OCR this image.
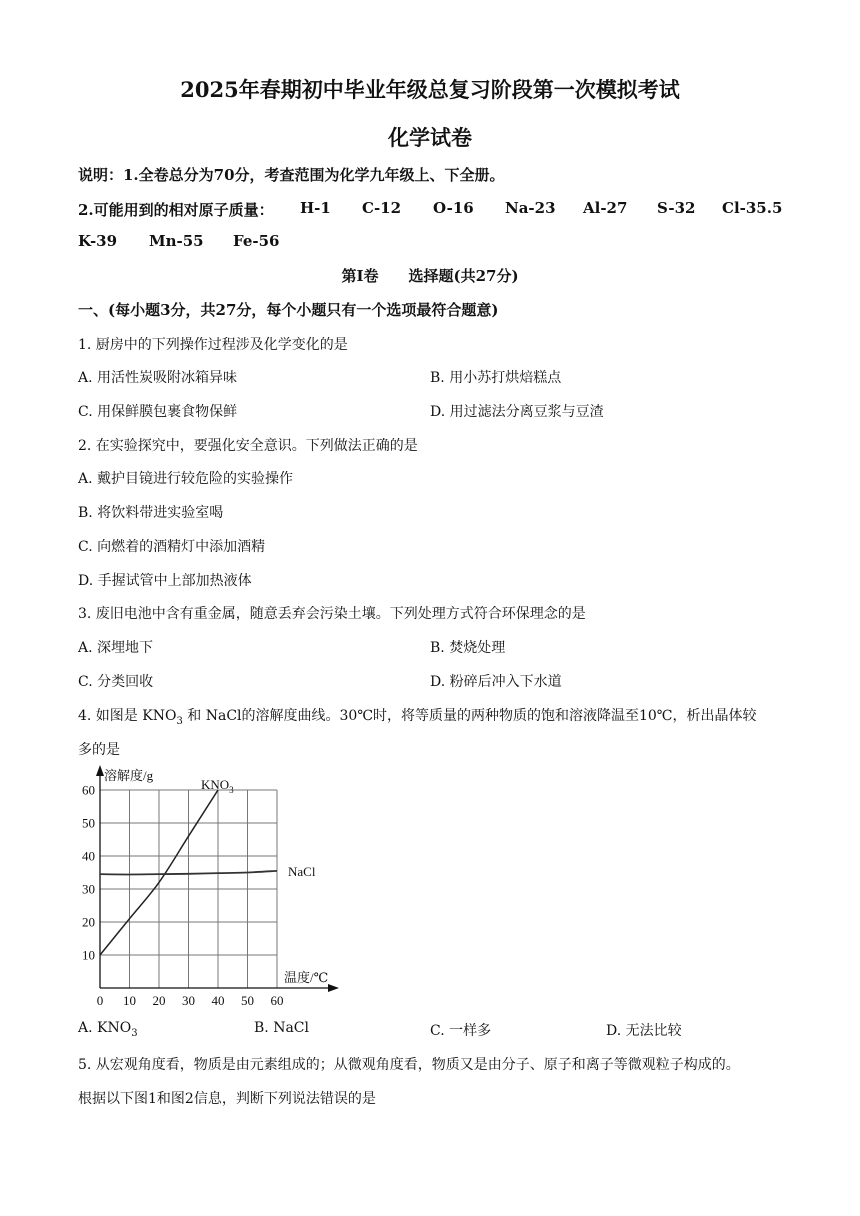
2025年春期初中毕业年级总复习阶段第一次模拟考试
化学试卷
说明：1.全卷总分为70分，考查范围为化学九年级上、下全册。
2.可能用到的相对原子质量： H-1 C-12 O-16 Na-23 Al-27 S-32 Cl-35.5
K-39 Mn-55 Fe-56
第Ⅰ卷　　选择题(共27分)
一、(每小题3分，共27分，每个小题只有一个选项最符合题意)
1. 厨房中的下列操作过程涉及化学变化的是
A. 用活性炭吸附冰箱异味	B. 用小苏打烘焙糕点
C. 用保鲜膜包裹食物保鲜	D. 用过滤法分离豆浆与豆渣
2. 在实验探究中，要强化安全意识。下列做法正确的是
A. 戴护目镜进行较危险的实验操作
B. 将饮料带进实验室喝
C. 向燃着的酒精灯中添加酒精
D. 手握试管中上部加热液体
3. 废旧电池中含有重金属，随意丢弃会污染土壤。下列处理方式符合环保理念的是
A. 深埋地下	B. 焚烧处理
C. 分类回收	D. 粉碎后冲入下水道
4. 如图是 $KNO_3$ 和 NaCl的溶解度曲线。30℃时，将等质量的两种物质的饱和溶液降温至10℃，析出晶体较
多的是
0 10 20 30 40 50 60
10
20
30
40
50
60
溶解度/g
温度/℃
$KNO_3$
NaCl
A. $KNO_3$	B. NaCl	C. 一样多	D. 无法比较
5. 从宏观角度看，物质是由元素组成的；从微观角度看，物质又是由分子、原子和离子等微观粒子构成的。
根据以下图1和图2信息，判断下列说法错误的是
